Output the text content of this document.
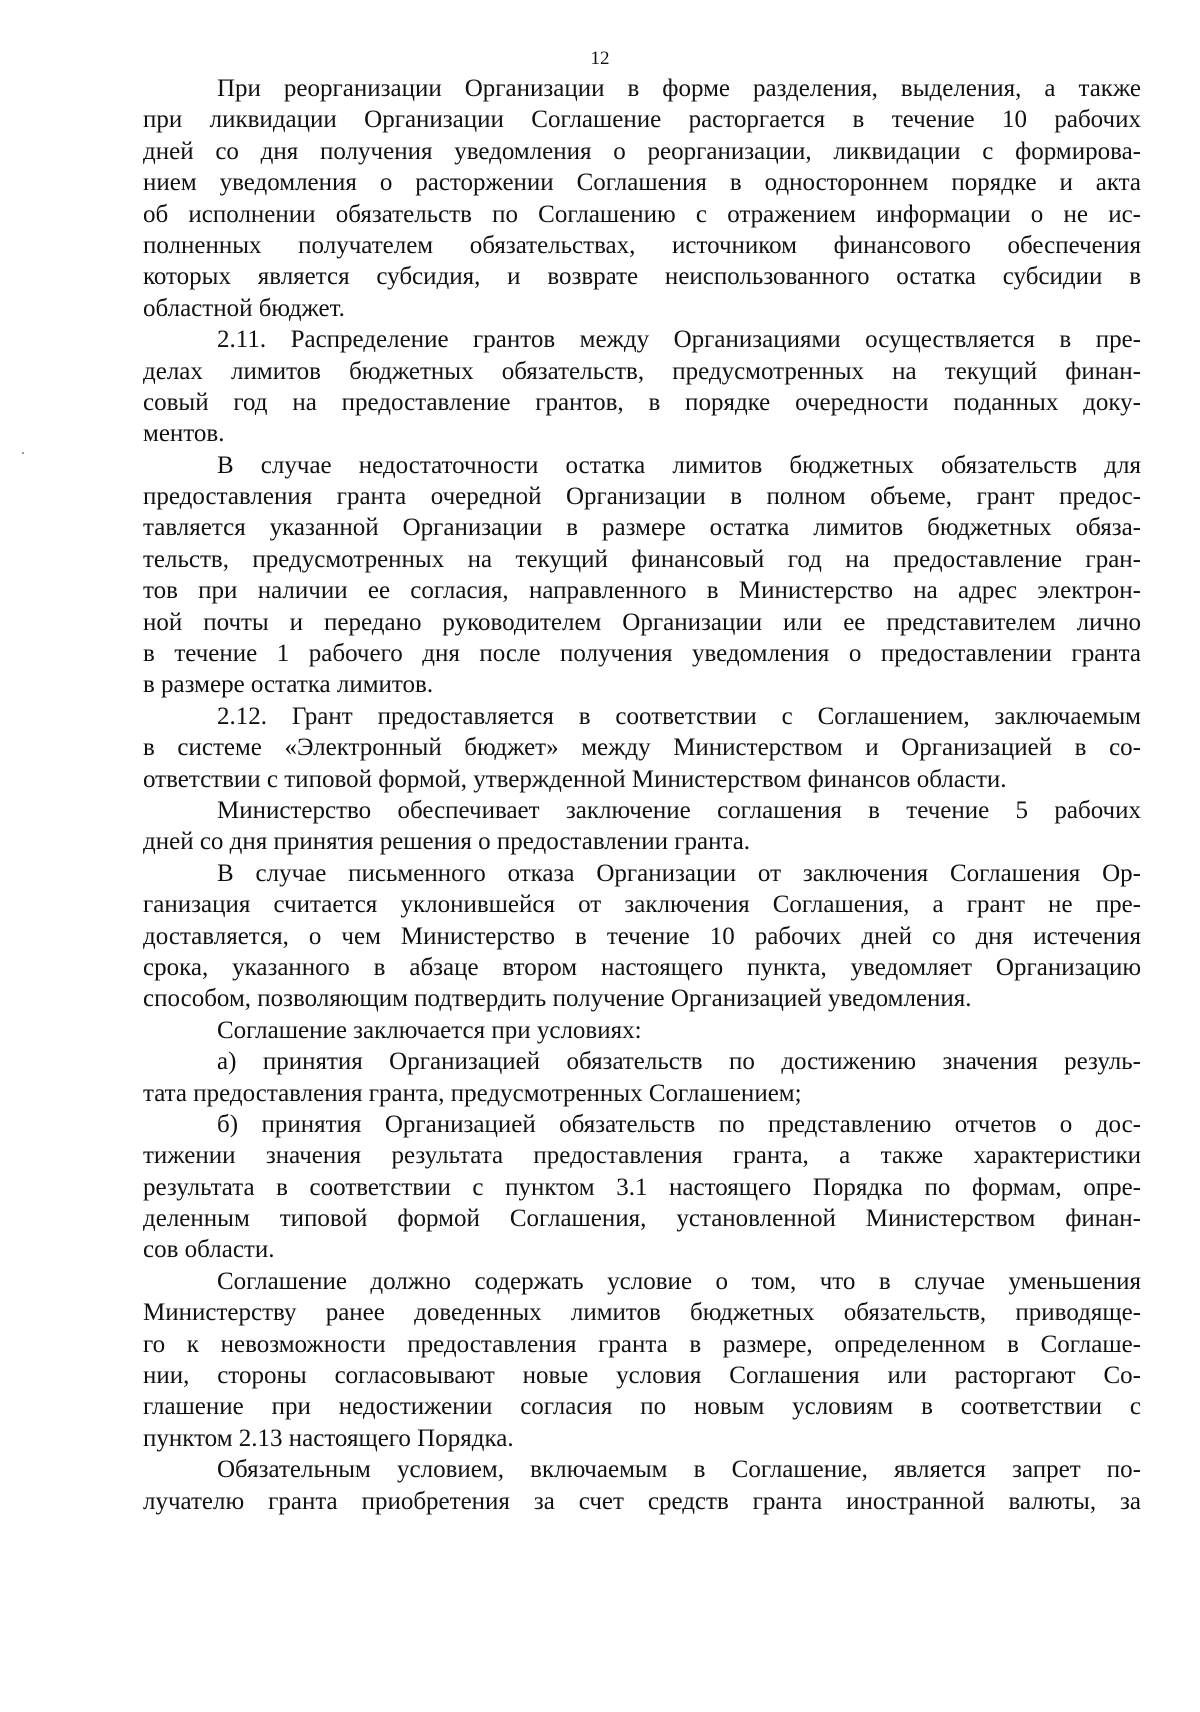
12
При реорганизации Организации в форме разделения, выделения, а также
при ликвидации Организации Соглашение расторгается в течение 10 рабочих
дней со дня получения уведомления о реорганизации, ликвидации с формирова-
нием уведомления о расторжении Соглашения в одностороннем порядке и акта
об исполнении обязательств по Соглашению с отражением информации о не ис-
полненных получателем обязательствах, источником финансового обеспечения
которых является субсидия, и возврате неиспользованного остатка субсидии в
областной бюджет.
2.11. Распределение грантов между Организациями осуществляется в пре-
делах лимитов бюджетных обязательств, предусмотренных на текущий финан-
совый год на предоставление грантов, в порядке очередности поданных доку-
ментов.
В случае недостаточности остатка лимитов бюджетных обязательств для
предоставления гранта очередной Организации в полном объеме, грант предос-
тавляется указанной Организации в размере остатка лимитов бюджетных обяза-
тельств, предусмотренных на текущий финансовый год на предоставление гран-
тов при наличии ее согласия, направленного в Министерство на адрес электрон-
ной почты и передано руководителем Организации или ее представителем лично
в течение 1 рабочего дня после получения уведомления о предоставлении гранта
в размере остатка лимитов.
2.12. Грант предоставляется в соответствии с Соглашением, заключаемым
в системе «Электронный бюджет» между Министерством и Организацией в со-
ответствии с типовой формой, утвержденной Министерством финансов области.
Министерство обеспечивает заключение соглашения в течение 5 рабочих
дней со дня принятия решения о предоставлении гранта.
В случае письменного отказа Организации от заключения Соглашения Ор-
ганизация считается уклонившейся от заключения Соглашения, а грант не пре-
доставляется, о чем Министерство в течение 10 рабочих дней со дня истечения
срока, указанного в абзаце втором настоящего пункта, уведомляет Организацию
способом, позволяющим подтвердить получение Организацией уведомления.
Соглашение заключается при условиях:
а) принятия Организацией обязательств по достижению значения резуль-
тата предоставления гранта, предусмотренных Соглашением;
б) принятия Организацией обязательств по представлению отчетов о дос-
тижении значения результата предоставления гранта, а также характеристики
результата в соответствии с пунктом 3.1 настоящего Порядка по формам, опре-
деленным типовой формой Соглашения, установленной Министерством финан-
сов области.
Соглашение должно содержать условие о том, что в случае уменьшения
Министерству ранее доведенных лимитов бюджетных обязательств, приводяще-
го к невозможности предоставления гранта в размере, определенном в Соглаше-
нии, стороны согласовывают новые условия Соглашения или расторгают Со-
глашение при недостижении согласия по новым условиям в соответствии с
пунктом 2.13 настоящего Порядка.
Обязательным условием, включаемым в Соглашение, является запрет по-
лучателю гранта приобретения за счет средств гранта иностранной валюты, за
